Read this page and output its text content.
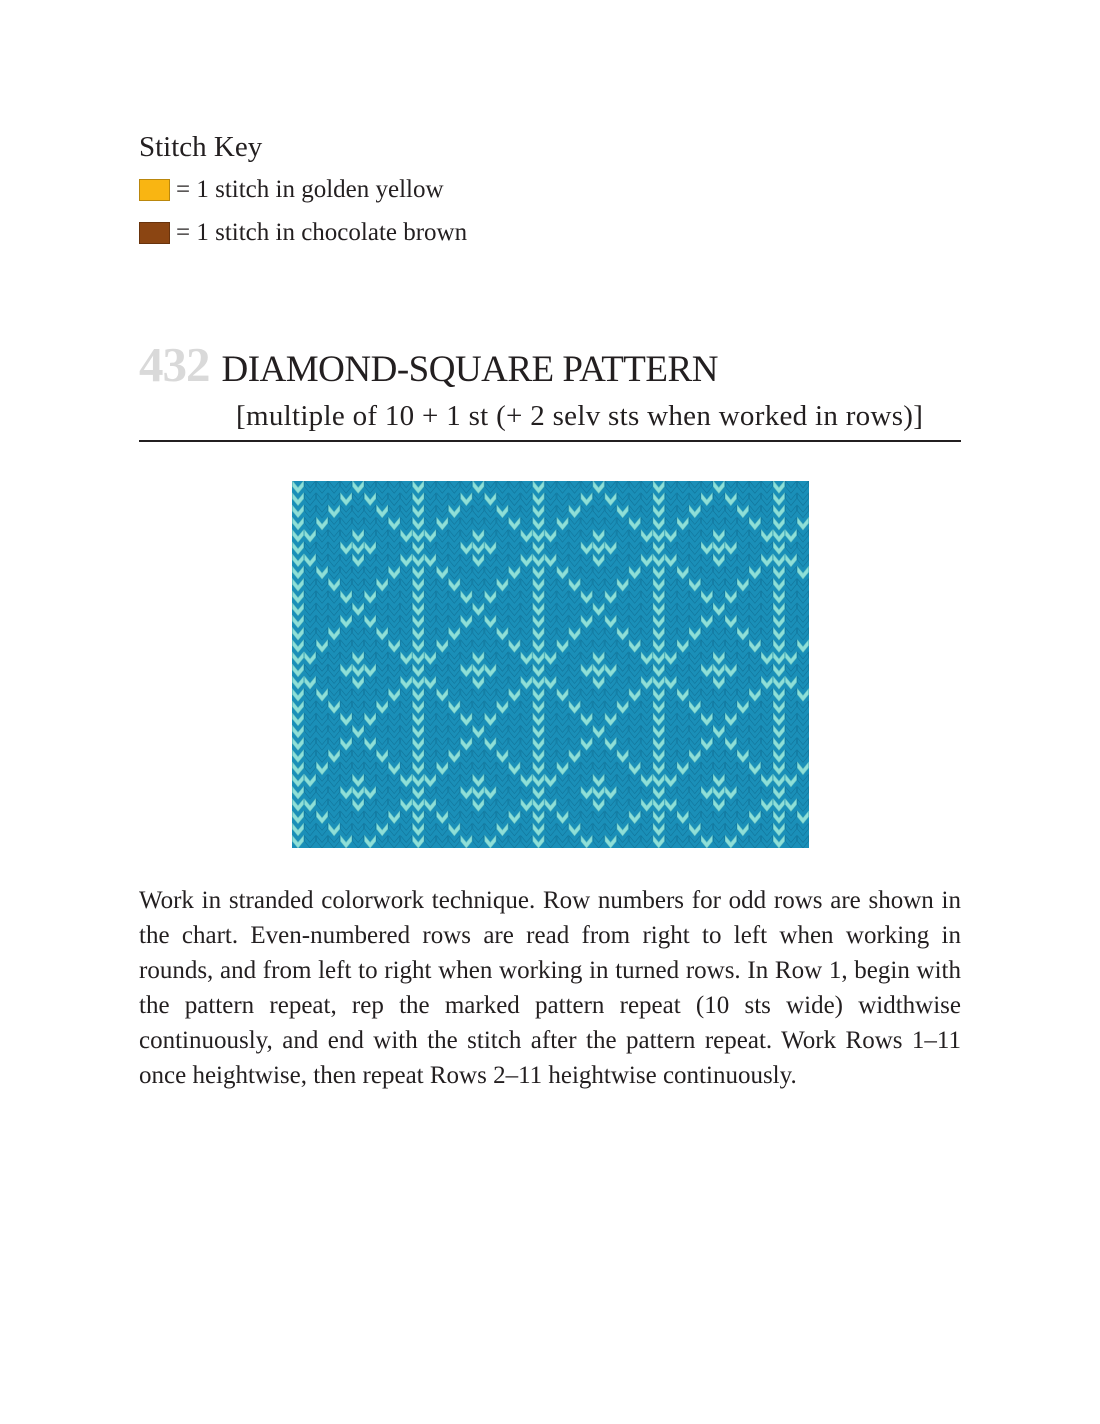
Stitch Key
= 1 stitch in golden yellow
= 1 stitch in chocolate brown
432 DIAMOND-SQUARE PATTERN
[multiple of 10 + 1 st (+ 2 selv sts when worked in rows)]

Work in stranded colorwork technique. Row numbers for odd rows are shown in the chart. Even-numbered rows are read from right to left when working in rounds, and from left to right when working in turned rows. In Row 1, begin with the pattern repeat, rep the marked pattern repeat (10 sts wide) widthwise continuously, and end with the stitch after the pattern repeat. Work Rows 1–11 once heightwise, then repeat Rows 2–11 heightwise continuously.
